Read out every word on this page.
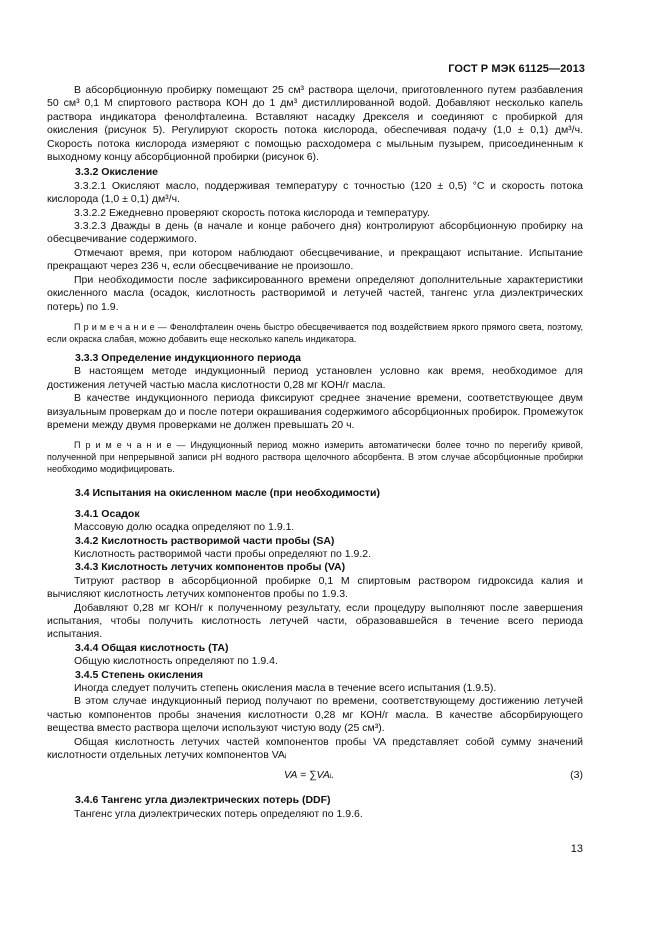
ГОСТ Р МЭК 61125—2013

В абсорбционную пробирку помещают 25 см³ раствора щелочи, приготовленного путем разбавления 50 см³ 0,1 М спиртового раствора КОН до 1 дм³ дистиллированной водой. Добавляют несколько капель раствора индикатора фенолфталеина. Вставляют насадку Дрекселя и соединяют с пробиркой для окисления (рисунок 5). Регулируют скорость потока кислорода, обеспечивая подачу (1,0 ± 0,1) дм³/ч. Скорость потока кислорода измеряют с помощью расходомера с мыльным пузырем, присоединенным к выходному концу абсорбционной пробирки (рисунок 6).

3.3.2 Окисление

3.3.2.1 Окисляют масло, поддерживая температуру с точностью (120 ± 0,5) °С и скорость потока кислорода (1,0 ± 0,1) дм³/ч.

3.3.2.2 Ежедневно проверяют скорость потока кислорода и температуру.

3.3.2.3 Дважды в день (в начале и конце рабочего дня) контролируют абсорбционную пробирку на обесцвечивание содержимого.

Отмечают время, при котором наблюдают обесцвечивание, и прекращают испытание. Испытание прекращают через 236 ч, если обесцвечивание не произошло.

При необходимости после зафиксированного времени определяют дополнительные характеристики окисленного масла (осадок, кислотность растворимой и летучей частей, тангенс угла диэлектрических потерь) по 1.9.

П р и м е ч а н и е — Фенолфталеин очень быстро обесцвечивается под воздействием яркого прямого света, поэтому, если окраска слабая, можно добавить еще несколько капель индикатора.

3.3.3 Определение индукционного периода

В настоящем методе индукционный период установлен условно как время, необходимое для достижения летучей частью масла кислотности 0,28 мг КОН/г масла.

В качестве индукционного периода фиксируют среднее значение времени, соответствующее двум визуальным проверкам до и после потери окрашивания содержимого абсорбционных пробирок. Промежуток времени между двумя проверками не должен превышать 20 ч.

П р и м е ч а н и е — Индукционный период можно измерить автоматически более точно по перегибу кривой, полученной при непрерывной записи рН водного раствора щелочного абсорбента. В этом случае абсорбционные пробирки необходимо модифицировать.

3.4 Испытания на окисленном масле (при необходимости)

3.4.1 Осадок

Массовую долю осадка определяют по 1.9.1.

3.4.2 Кислотность растворимой части пробы (SA)

Кислотность растворимой части пробы определяют по 1.9.2.

3.4.3 Кислотность летучих компонентов пробы (VA)

Титруют раствор в абсорбционной пробирке 0,1 М спиртовым раствором гидроксида калия и вычисляют кислотность летучих компонентов пробы по 1.9.3.

Добавляют 0,28 мг КОН/г к полученному результату, если процедуру выполняют после завершения испытания, чтобы получить кислотность летучей части, образовавшейся в течение всего периода испытания.

3.4.4 Общая кислотность (ТА)

Общую кислотность определяют по 1.9.4.

3.4.5 Степень окисления

Иногда следует получить степень окисления масла в течение всего испытания (1.9.5).

В этом случае индукционный период получают по времени, соответствующему достижению летучей частью компонентов пробы значения кислотности 0,28 мг КОН/г масла. В качестве абсорбирующего вещества вместо раствора щелочи используют чистую воду (25 см³).

Общая кислотность летучих частей компонентов пробы VA представляет собой сумму значений кислотности отдельных летучих компонентов VAᵢ

VA = ∑VAᵢ.	(3)

3.4.6 Тангенс угла диэлектрических потерь (DDF)

Тангенс угла диэлектрических потерь определяют по 1.9.6.

13
